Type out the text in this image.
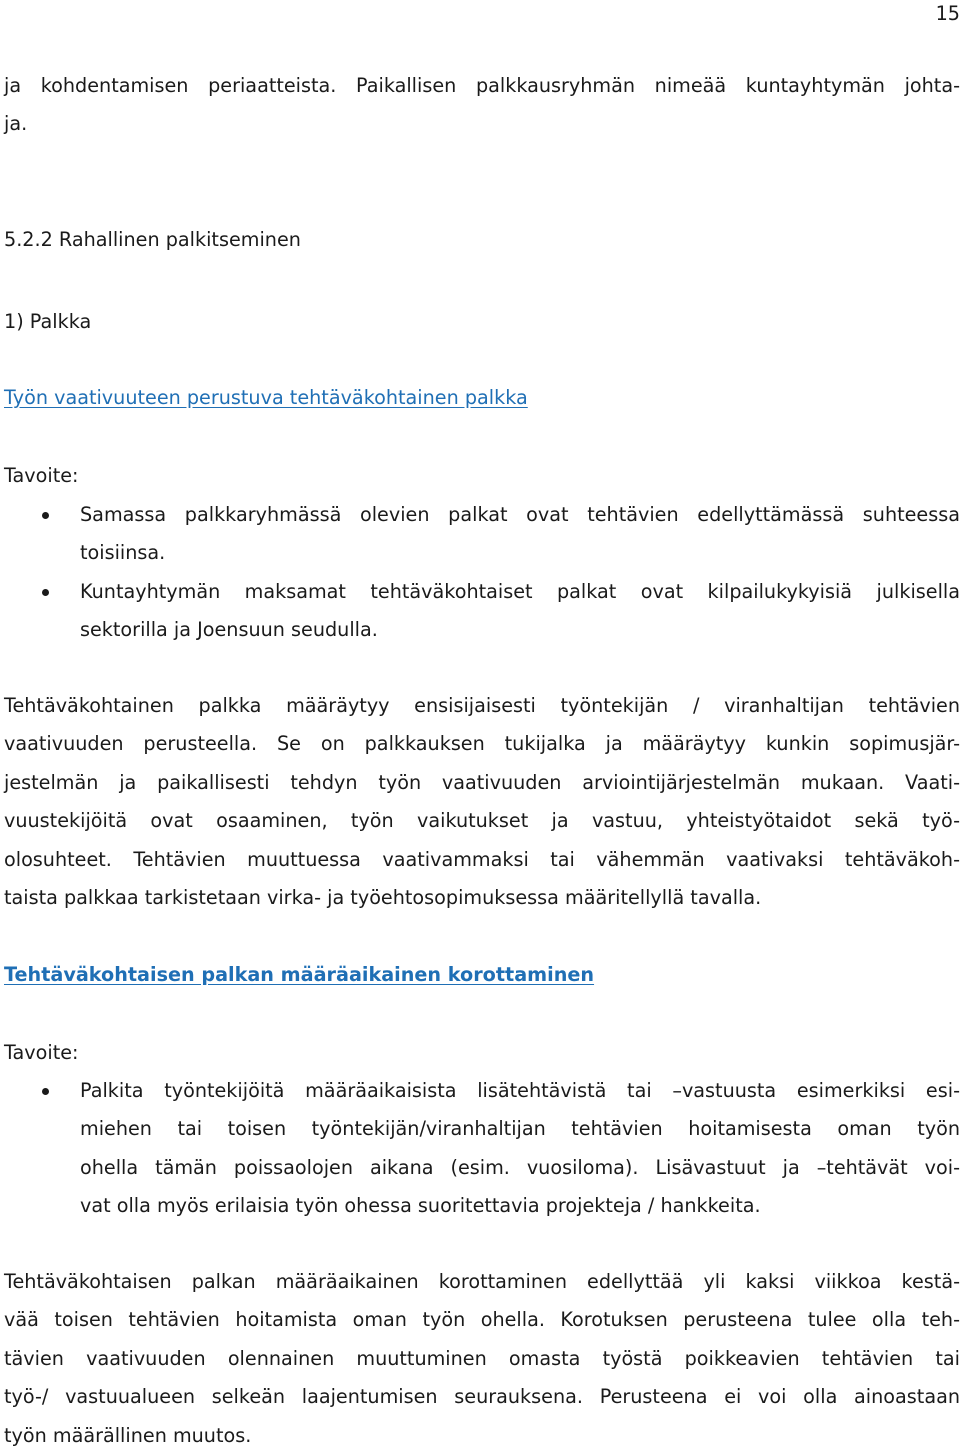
15
ja kohdentamisen periaatteista. Paikallisen palkkausryhmän nimeää kuntayhtymän johta-
ja.
5.2.2 Rahallinen palkitseminen
1) Palkka
Työn vaativuuteen perustuva tehtäväkohtainen palkka
Tavoite:
Samassa palkkaryhmässä olevien palkat ovat tehtävien edellyttämässä suhteessa
toisiinsa.
Kuntayhtymän maksamat tehtäväkohtaiset palkat ovat kilpailukykyisiä julkisella
sektorilla ja Joensuun seudulla.
Tehtäväkohtainen palkka määräytyy ensisijaisesti työntekijän / viranhaltijan tehtävien
vaativuuden perusteella. Se on palkkauksen tukijalka ja määräytyy kunkin sopimusjär-
jestelmän ja paikallisesti tehdyn työn vaativuuden arviointijärjestelmän mukaan. Vaati-
vuustekijöitä ovat osaaminen, työn vaikutukset ja vastuu, yhteistyötaidot sekä työ-
olosuhteet. Tehtävien muuttuessa vaativammaksi tai vähemmän vaativaksi tehtäväkoh-
taista palkkaa tarkistetaan virka- ja työehtosopimuksessa määritellyllä tavalla.
Tehtäväkohtaisen palkan määräaikainen korottaminen
Tavoite:
Palkita työntekijöitä määräaikaisista lisätehtävistä tai –vastuusta esimerkiksi esi-
miehen tai toisen työntekijän/viranhaltijan tehtävien hoitamisesta oman työn
ohella tämän poissaolojen aikana (esim. vuosiloma). Lisävastuut ja –tehtävät voi-
vat olla myös erilaisia työn ohessa suoritettavia projekteja / hankkeita.
Tehtäväkohtaisen palkan määräaikainen korottaminen edellyttää yli kaksi viikkoa kestä-
vää toisen tehtävien hoitamista oman työn ohella. Korotuksen perusteena tulee olla teh-
tävien vaativuuden olennainen muuttuminen omasta työstä poikkeavien tehtävien tai
työ-/ vastuualueen selkeän laajentumisen seurauksena. Perusteena ei voi olla ainoastaan
työn määrällinen muutos.
